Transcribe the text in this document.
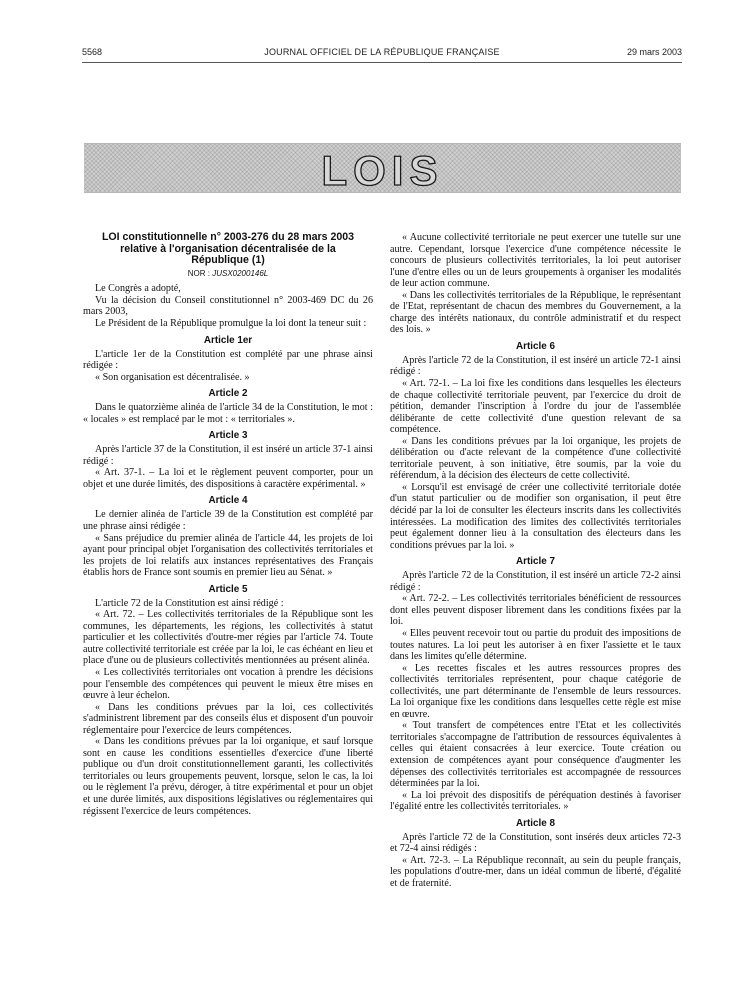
5568	JOURNAL OFFICIEL DE LA RÉPUBLIQUE FRANÇAISE	29 mars 2003
LOIS
LOI constitutionnelle n° 2003-276 du 28 mars 2003 relative à l'organisation décentralisée de la République (1)
NOR : JUSX0200146L

Le Congrès a adopté,

Vu la décision du Conseil constitutionnel n° 2003-469 DC du 26 mars 2003,

Le Président de la République promulgue la loi dont la teneur suit :

Article 1er

L'article 1er de la Constitution est complété par une phrase ainsi rédigée :

« Son organisation est décentralisée. »

Article 2

Dans le quatorzième alinéa de l'article 34 de la Constitution, le mot : « locales » est remplacé par le mot : « territoriales ».

Article 3

Après l'article 37 de la Constitution, il est inséré un article 37-1 ainsi rédigé :

« Art. 37-1. – La loi et le règlement peuvent comporter, pour un objet et une durée limités, des dispositions à caractère expérimental. »

Article 4

Le dernier alinéa de l'article 39 de la Constitution est complété par une phrase ainsi rédigée :

« Sans préjudice du premier alinéa de l'article 44, les projets de loi ayant pour principal objet l'organisation des collectivités territoriales et les projets de loi relatifs aux instances représentatives des Français établis hors de France sont soumis en premier lieu au Sénat. »

Article 5

L'article 72 de la Constitution est ainsi rédigé :

« Art. 72. – Les collectivités territoriales de la République sont les communes, les départements, les régions, les collectivités à statut particulier et les collectivités d'outre-mer régies par l'article 74. Toute autre collectivité territoriale est créée par la loi, le cas échéant en lieu et place d'une ou de plusieurs collectivités mentionnées au présent alinéa.

« Les collectivités territoriales ont vocation à prendre les décisions pour l'ensemble des compétences qui peuvent le mieux être mises en œuvre à leur échelon.

« Dans les conditions prévues par la loi, ces collectivités s'administrent librement par des conseils élus et disposent d'un pouvoir réglementaire pour l'exercice de leurs compétences.

« Dans les conditions prévues par la loi organique, et sauf lorsque sont en cause les conditions essentielles d'exercice d'une liberté publique ou d'un droit constitutionnellement garanti, les collectivités territoriales ou leurs groupements peuvent, lorsque, selon le cas, la loi ou le règlement l'a prévu, déroger, à titre expérimental et pour un objet et une durée limités, aux dispositions législatives ou réglementaires qui régissent l'exercice de leurs compétences.

« Aucune collectivité territoriale ne peut exercer une tutelle sur une autre. Cependant, lorsque l'exercice d'une compétence nécessite le concours de plusieurs collectivités territoriales, la loi peut autoriser l'une d'entre elles ou un de leurs groupements à organiser les modalités de leur action commune.

« Dans les collectivités territoriales de la République, le représentant de l'Etat, représentant de chacun des membres du Gouvernement, a la charge des intérêts nationaux, du contrôle administratif et du respect des lois. »

Article 6

Après l'article 72 de la Constitution, il est inséré un article 72-1 ainsi rédigé :

« Art. 72-1. – La loi fixe les conditions dans lesquelles les électeurs de chaque collectivité territoriale peuvent, par l'exercice du droit de pétition, demander l'inscription à l'ordre du jour de l'assemblée délibérante de cette collectivité d'une question relevant de sa compétence.

« Dans les conditions prévues par la loi organique, les projets de délibération ou d'acte relevant de la compétence d'une collectivité territoriale peuvent, à son initiative, être soumis, par la voie du référendum, à la décision des électeurs de cette collectivité.

« Lorsqu'il est envisagé de créer une collectivité territoriale dotée d'un statut particulier ou de modifier son organisation, il peut être décidé par la loi de consulter les électeurs inscrits dans les collectivités intéressées. La modification des limites des collectivités territoriales peut également donner lieu à la consultation des électeurs dans les conditions prévues par la loi. »

Article 7

Après l'article 72 de la Constitution, il est inséré un article 72-2 ainsi rédigé :

« Art. 72-2. – Les collectivités territoriales bénéficient de ressources dont elles peuvent disposer librement dans les conditions fixées par la loi.

« Elles peuvent recevoir tout ou partie du produit des impositions de toutes natures. La loi peut les autoriser à en fixer l'assiette et le taux dans les limites qu'elle détermine.

« Les recettes fiscales et les autres ressources propres des collectivités territoriales représentent, pour chaque catégorie de collectivités, une part déterminante de l'ensemble de leurs ressources. La loi organique fixe les conditions dans lesquelles cette règle est mise en œuvre.

« Tout transfert de compétences entre l'Etat et les collectivités territoriales s'accompagne de l'attribution de ressources équivalentes à celles qui étaient consacrées à leur exercice. Toute création ou extension de compétences ayant pour conséquence d'augmenter les dépenses des collectivités territoriales est accompagnée de ressources déterminées par la loi.

« La loi prévoit des dispositifs de péréquation destinés à favoriser l'égalité entre les collectivités territoriales. »

Article 8

Après l'article 72 de la Constitution, sont insérés deux articles 72-3 et 72-4 ainsi rédigés :

« Art. 72-3. – La République reconnaît, au sein du peuple français, les populations d'outre-mer, dans un idéal commun de liberté, d'égalité et de fraternité.
